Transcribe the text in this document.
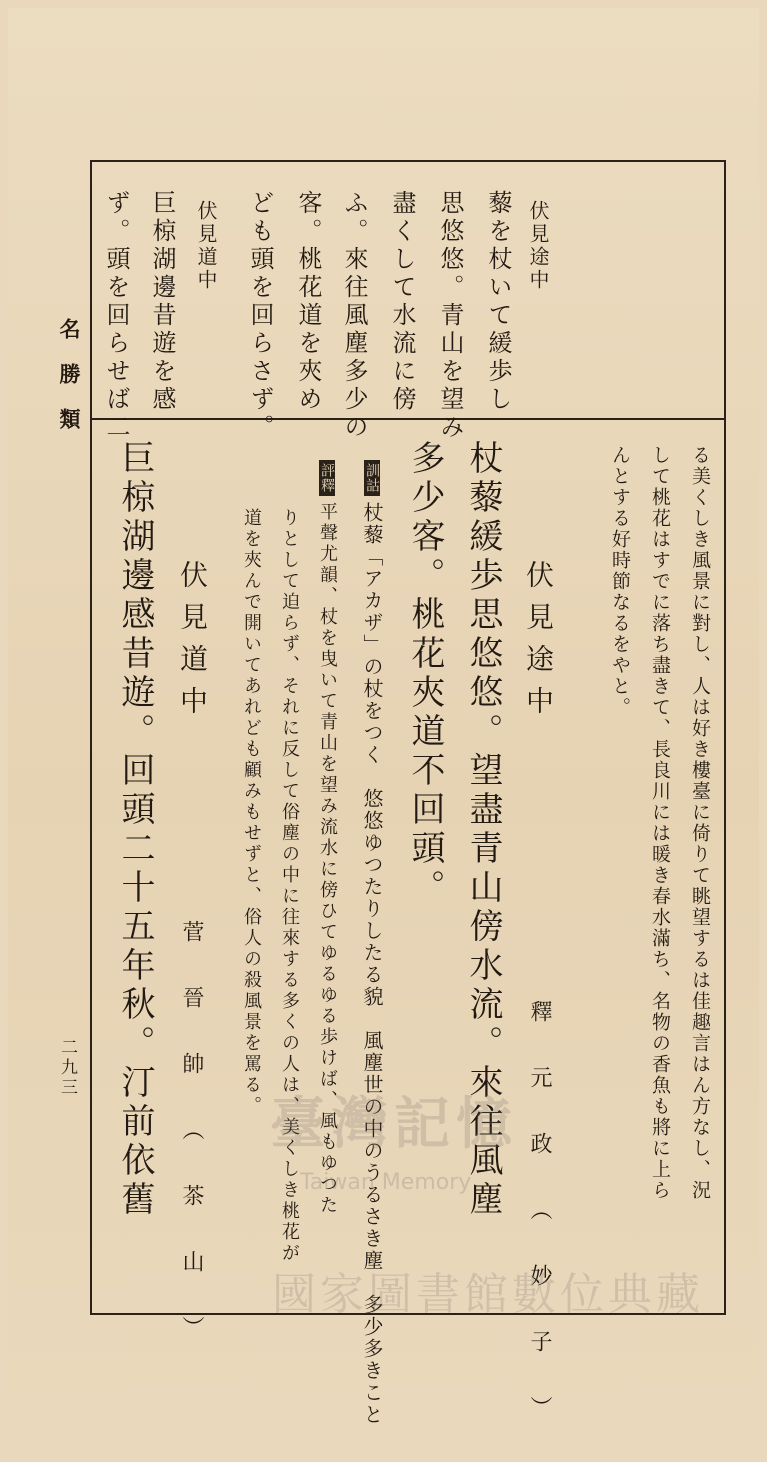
名勝類
二九三
伏見途中
藜を杖いて緩歩し
思悠悠。青山を望み
盡くして水流に傍
ふ。來往風塵多少の
客。桃花道を夾め
ども頭を回らさず。
伏見道中
巨椋湖邊昔遊を感
ず。頭を回らせば二
る美くしき風景に對し、人は好き樓臺に倚りて眺望するは佳趣言はん方なし、況
して桃花はすでに落ち盡きて、長良川には暖き春水滿ち、名物の香魚も將に上ら
んとする好時節なるをやと。
伏見途中
釋元政（妙子）
杖藜緩歩思悠悠。望盡青山傍水流。來往風塵
多少客。桃花夾道不回頭。
訓詁杖藜「アカザ」の杖をつく　悠悠ゆつたりしたる貌　風塵世の中のうるさき塵　多少多きこと
評釋平聲尤韻、杖を曳いて青山を望み流水に傍ひてゆるゆる歩けば、風もゆつた
りとして迫らず、それに反して俗塵の中に往來する多くの人は、美くしき桃花が
道を夾んで開いてあれども顧みもせずと、俗人の殺風景を罵る。
伏見道中
菅晉帥（茶山）
巨椋湖邊感昔遊。回頭二十五年秋。汀前依舊 臺灣記憶
Taiwan Memory
國家圖書館數位典藏
